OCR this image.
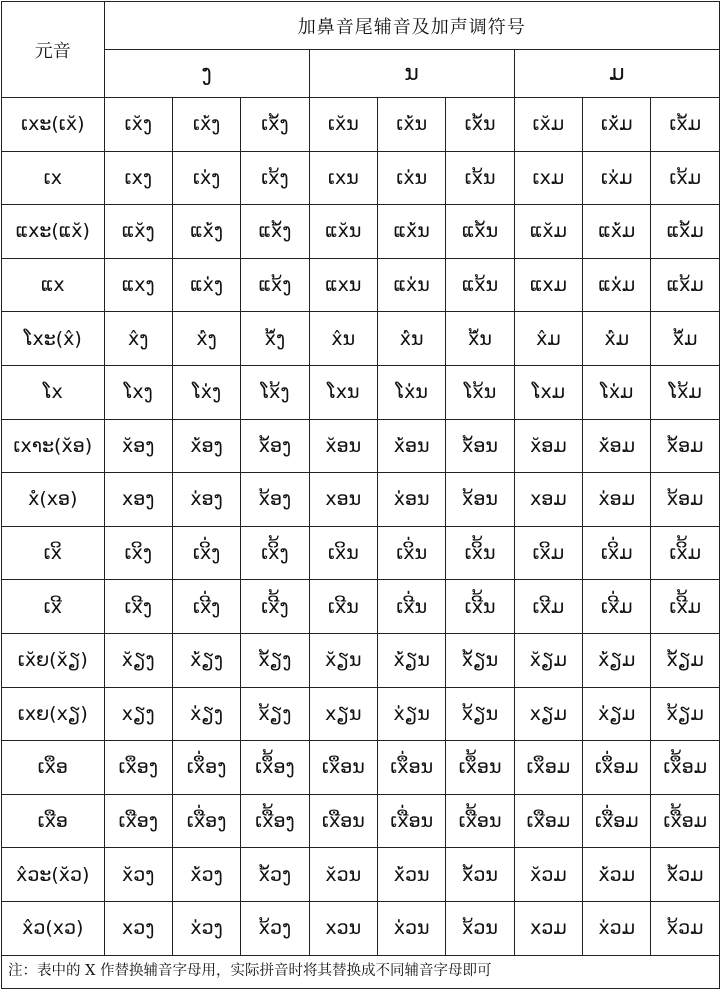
元音	加鼻音尾辅音及加声调符号								
	ງ			ນ			ມ		
ເxະ(ເx̆)	ເx̆ງ	ເx່̆ງ	ເx້̆ງ	ເx̆ນ	ເx່̆ນ	ເx້̆ນ	ເx̆ມ	ເx່̆ມ	ເx້̆ມ
ເx	ເxງ	ເx່ງ	ເx້ງ	ເxນ	ເx່ນ	ເx້ນ	ເxມ	ເx່ມ	ເx້ມ
ແxະ(ແx̆)	ແx̆ງ	ແx່̆ງ	ແx້̆ງ	ແx̆ນ	ແx່̆ນ	ແx້̆ນ	ແx̆ມ	ແx່̆ມ	ແx້̆ມ
ແx	ແxງ	ແx່ງ	ແx້ງ	ແxນ	ແx່ນ	ແx້ນ	ແxມ	ແx່ມ	ແx້ມ
ໂxະ(x̂)	x̂ງ	x່̂ງ	x້̂ງ	x̂ນ	x່̂ນ	x້̂ນ	x̂ມ	x່̂ມ	x້̂ມ
ໂx	ໂxງ	ໂx່ງ	ໂx້ງ	ໂxນ	ໂx່ນ	ໂx້ນ	ໂxມ	ໂx່ມ	ໂx້ມ
ເxາະ(x̆ອ)	x̆ອງ	x່̆ອງ	x້̆ອງ	x̆ອນ	x່̆ອນ	x້̆ອນ	x̆ອມ	x່̆ອມ	x້̆ອມ
xໍ(xອ)	xອງ	x່ອງ	x້ອງ	xອນ	x່ອນ	x້ອນ	xອມ	x່ອມ	x້ອມ
ເxິ	ເxິງ	ເxິ່ງ	ເxິ້ງ	ເxິນ	ເxິ່ນ	ເxິ້ນ	ເxິມ	ເxິ່ມ	ເxິ້ມ
ເxີ	ເxີງ	ເxີ່ງ	ເxີ້ງ	ເxີນ	ເxີ່ນ	ເxີ້ນ	ເxີມ	ເxີ່ມ	ເxີ້ມ
ເx̆ຍ(x̆ຽ)	x̆ຽງ	x່̆ຽງ	x້̆ຽງ	x̆ຽນ	x່̆ຽນ	x້̆ຽນ	x̆ຽມ	x່̆ຽມ	x້̆ຽມ
ເxຍ(xຽ)	xຽງ	x່ຽງ	x້ຽງ	xຽນ	x່ຽນ	x້ຽນ	xຽມ	x່ຽມ	x້ຽມ
ເxຶອ	ເxຶອງ	ເxຶ່ອງ	ເxຶ້ອງ	ເxຶອນ	ເxຶ່ອນ	ເxຶ້ອນ	ເxຶອມ	ເxຶ່ອມ	ເxຶ້ອມ
ເxືອ	ເxືອງ	ເxື່ອງ	ເxື້ອງ	ເxືອນ	ເxື່ອນ	ເxື້ອນ	ເxືອມ	ເxື່ອມ	ເxື້ອມ
x̂ວະ(x̆ວ)	x̆ວງ	x່̆ວງ	x້̆ວງ	x̆ວນ	x່̆ວນ	x້̆ວນ	x̆ວມ	x່̆ວມ	x້̆ວມ
x̂ວ(xວ)	xວງ	x່ວງ	x້ວງ	xວນ	x່ວນ	x້ວນ	xວມ	x່ວມ	x້ວມ
注：表中的 X 作替换辅音字母用，实际拼音时将其替换成不同辅音字母即可
